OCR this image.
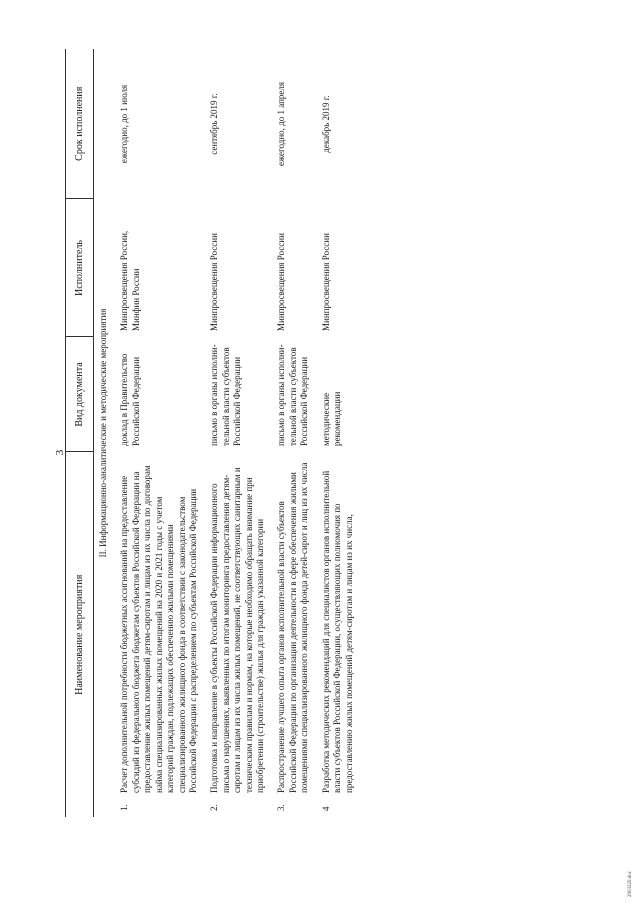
3
Наименование мероприятия	Вид документа	Исполнитель	Срок исполнения
II. Информационно-аналитические и методические мероприятия			

1.
Расчет дополнительной потребности бюджетных ассигнований на предоставление субсидий из федерального бюджета бюджетам субъектов Российской Федерации на предоставление жилых помещений детям-сиротам и лицам из их числа по договорам найма специализированных жилых помещений на 2020 и 2021 годы с учетом категорий граждан, подлежащих обеспечению жилыми помещениями специализированного жилищного фонда в соответствии с законодательством Российской Федерации с распределением по субъектам Российской Федерации
доклад в Правительство Российской Федерации	Минпросвещения России, Минфин России	ежегодно, до 1 июля

2.
Подготовка и направление в субъекты Российской Федерации информационного письма о нарушениях, выявленных по итогам мониторинга предоставления детям-сиротам и лицам из их числа жилых помещений, не соответствующих санитарным и техническим правилам и нормам, на которые необходимо обращать внимание при приобретении (строительстве) жилья для граждан указанной категории
письмо в органы исполни-тельной власти субъектов Российской Федерации	Минпросвещения России	сентябрь 2019 г.

3.
Распространение лучшего опыта органов исполнительной власти субъектов Российской Федерации по организации деятельности в сфере обеспечения жилыми помещениями специализированного жилищного фонда детей-сирот и лиц из их числа
письмо в органы исполни-тельной власти субъектов Российской Федерации	Минпросвещения России	ежегодно, до 1 апреля

4
Разработка методических рекомендаций для специалистов органов исполнительной власти субъектов Российской Федерации, осуществляющих полномочия по предоставлению жилых помещений детям-сиротам и лицам из их числа,
методические рекомендации	Минпросвещения России	декабрь 2019 г.
2903229.doc
